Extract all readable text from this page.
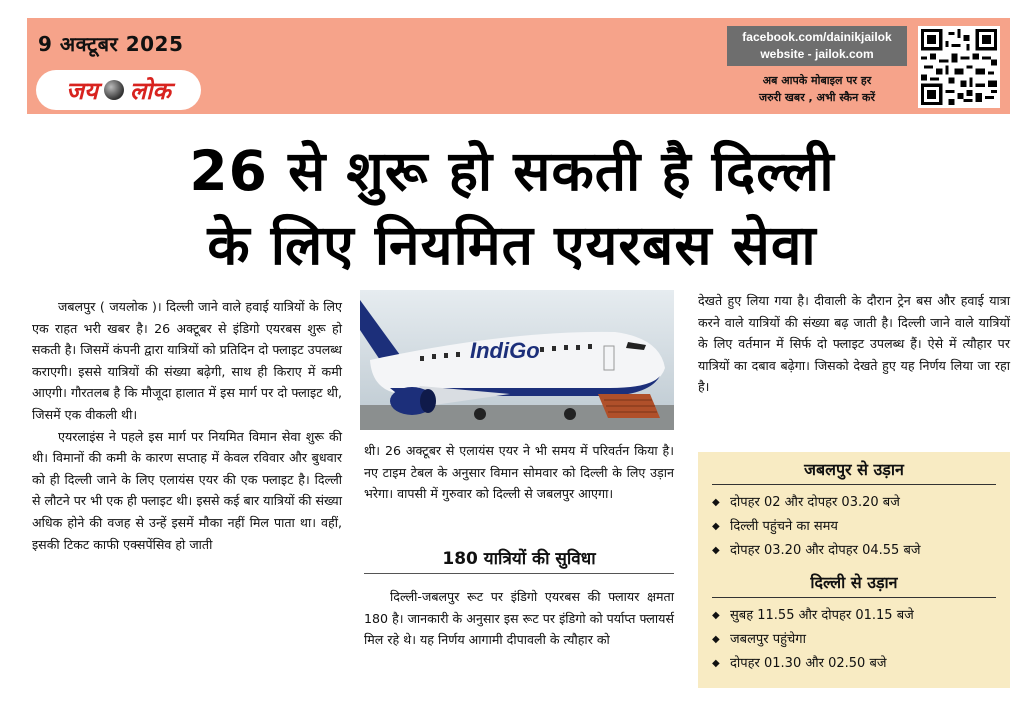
9 अक्टूबर 2025
जय लोक
facebook.com/dainikjailok
website - jailok.com
अब आपके मोबाइल पर हर
जरुरी खबर , अभी स्कैन करें
26 से शुरू हो सकती है दिल्ली
के लिए नियमित एयरबस सेवा

जबलपुर ( जयलोक )। दिल्ली जाने वाले हवाई यात्रियों के लिए एक राहत भरी खबर है। 26 अक्टूबर से इंडिगो एयरबस शुरू हो सकती है। जिसमें कंपनी द्वारा यात्रियों को प्रतिदिन दो फ्लाइट उपलब्ध कराएगी। इससे यात्रियों की संख्या बढ़ेगी, साथ ही किराए में कमी आएगी। गौरतलब है कि मौजूदा हालात में इस मार्ग पर दो फ्लाइट थी, जिसमें एक वीकली थी।

एयरलाइंस ने पहले इस मार्ग पर नियमित विमान सेवा शुरू की थी। विमानों की कमी के कारण सप्ताह में केवल रविवार और बुधवार को ही दिल्ली जाने के लिए एलायंस एयर की एक फ्लाइट है। दिल्ली से लौटने पर भी एक ही फ्लाइट थी। इससे कई बार यात्रियों की संख्या अधिक होने की वजह से उन्हें इसमें मौका नहीं मिल पाता था। वहीं, इसकी टिकट काफी एक्सपेंसिव हो जाती

IndiGo

थी। 26 अक्टूबर से एलायंस एयर ने भी समय में परिवर्तन किया है। नए टाइम टेबल के अनुसार विमान सोमवार को दिल्ली के लिए उड़ान भरेगा। वापसी में गुरुवार को दिल्ली से जबलपुर आएगा।

180 यात्रियों की सुविधा

दिल्ली-जबलपुर रूट पर इंडिगो एयरबस की फ्लायर क्षमता 180 है। जानकारी के अनुसार इस रूट पर इंडिगो को पर्याप्त फ्लायर्स मिल रहे थे। यह निर्णय आगामी दीपावली के त्यौहार को

देखते हुए लिया गया है। दीवाली के दौरान ट्रेन बस और हवाई यात्रा करने वाले यात्रियों की संख्या बढ़ जाती है। दिल्ली जाने वाले यात्रियों के लिए वर्तमान में सिर्फ दो फ्लाइट उपलब्ध हैं। ऐसे में त्यौहार पर यात्रियों का दबाव बढ़ेगा। जिसको देखते हुए यह निर्णय लिया जा रहा है।

जबलपुर से उड़ान
◆ दोपहर 02 और दोपहर 03.20 बजे
◆ दिल्ली पहुंचने का समय
◆ दोपहर 03.20 और दोपहर 04.55 बजे
दिल्ली से उड़ान
◆ सुबह 11.55 और दोपहर 01.15 बजे
◆ जबलपुर पहुंचेगा
◆ दोपहर 01.30 और 02.50 बजे
